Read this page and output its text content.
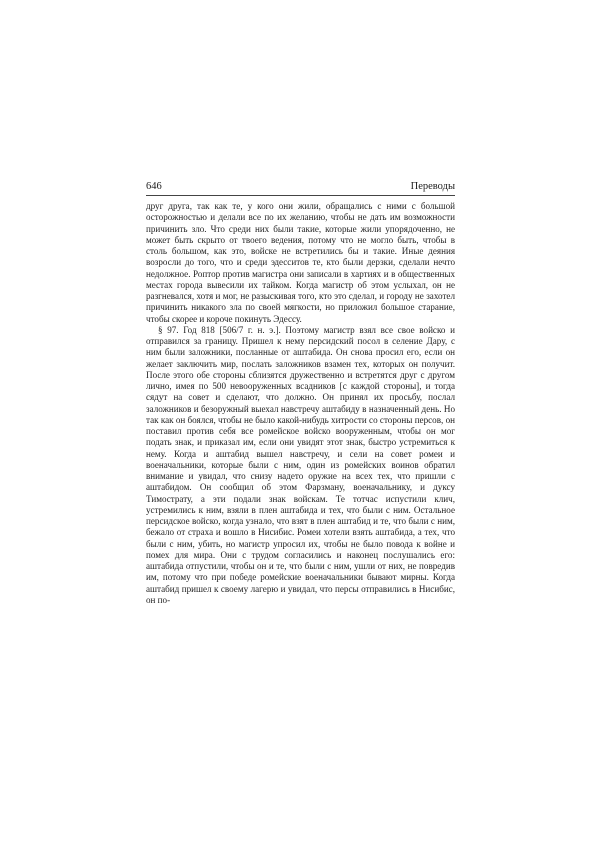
646	Переводы

друг друга, так как те, у кого они жили, обращались с ними с большой осторожностью и делали все по их желанию, чтобы не дать им возможности причинить зло. Что среди них были такие, которые жили упорядоченно, не может быть скрыто от твоего ведения, потому что не могло быть, чтобы в столь большом, как это, войске не встретились бы и такие. Иные деяния возросли до того, что и среди эдесситов те, кто были дерзки, сделали нечто недолжное. Роптор против магистра они записали в хартиях и в общественных местах города вывесили их тайком. Когда магистр об этом услыхал, он не разгневался, хотя и мог, не разыскивая того, кто это сделал, и городу не захотел причинить никакого зла по своей мягкости, но приложил большое старание, чтобы скорее и короче покинуть Эдессу.

§ 97. Год 818 [506/7 г. н. э.]. Поэтому магистр взял все свое войско и отправился за границу. Пришел к нему персидский посол в селение Дару, с ним были заложники, посланные от аштабида. Он снова просил его, если он желает заключить мир, послать заложников взамен тех, которых он получит. После этого обе стороны сблизятся дружественно и встретятся друг с другом лично, имея по 500 невооруженных всадников [с каждой стороны], и тогда сядут на совет и сделают, что должно. Он принял их просьбу, послал заложников и безоружный выехал навстречу аштабиду в назначенный день. Но так как он боялся, чтобы не было какой-нибудь хитрости со стороны персов, он поставил против себя все ромейское войско вооруженным, чтобы он мог подать знак, и приказал им, если они увидят этот знак, быстро устремиться к нему. Когда и аштабид вышел навстречу, и сели на совет ромеи и военачальники, которые были с ним, один из ромейских воинов обратил внимание и увидал, что снизу надето оружие на всех тех, что пришли с аштабидом. Он сообщил об этом Фарзману, военачальнику, и дуксу Тимострату, а эти подали знак войскам. Те тотчас испустили клич, устремились к ним, взяли в плен аштабида и тех, что были с ним. Остальное персидское войско, когда узнало, что взят в плен аштабид и те, что были с ним, бежало от страха и вошло в Нисибис. Ромеи хотели взять аштабида, а тех, что были с ним, убить, но магистр упросил их, чтобы не было повода к войне и помех для мира. Они с трудом согласились и наконец послушались его: аштабида отпустили, чтобы он и те, что были с ним, ушли от них, не повредив им, потому что при победе ромейские военачальники бывают мирны. Когда аштабид пришел к своему лагерю и увидал, что персы отправились в Нисибис, он по-
